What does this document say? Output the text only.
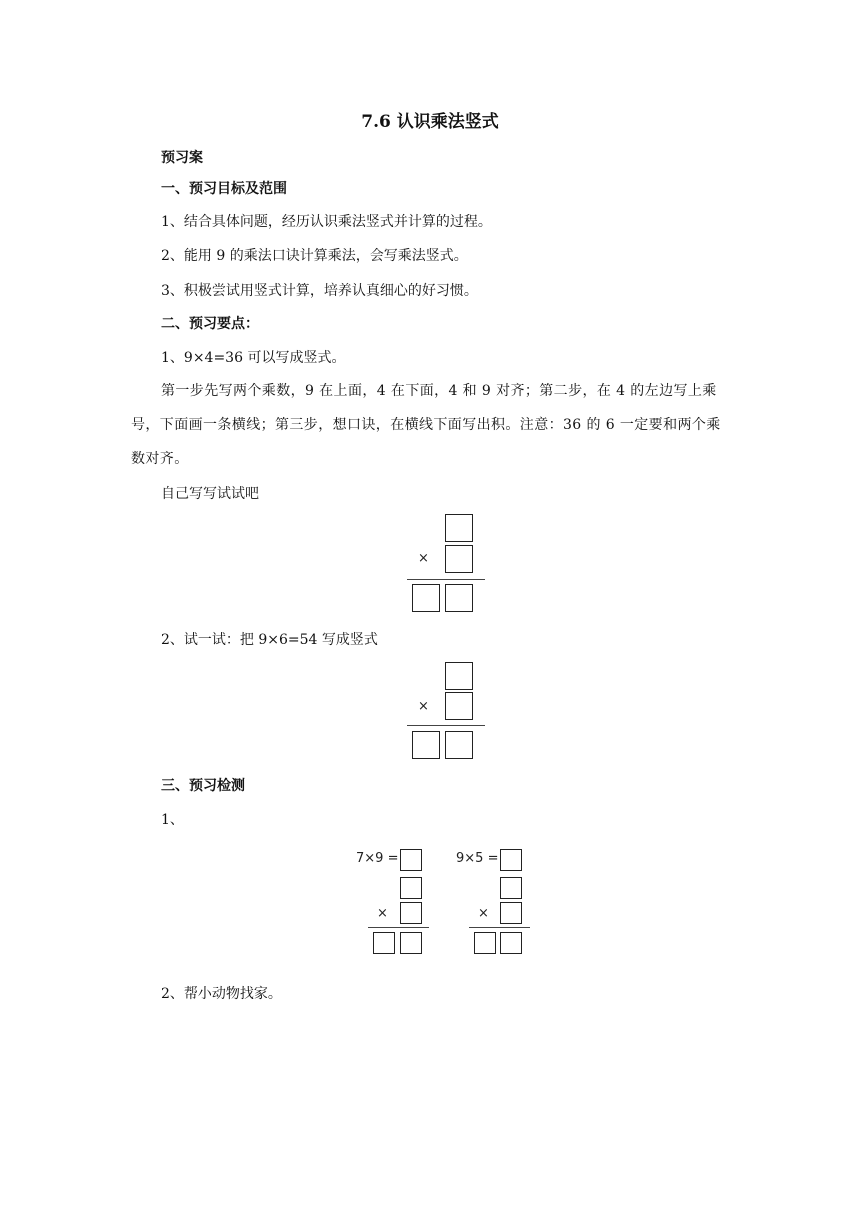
7.6 认识乘法竖式
预习案
一、预习目标及范围
1、结合具体问题，经历认识乘法竖式并计算的过程。
2、能用 9 的乘法口诀计算乘法，会写乘法竖式。
3、积极尝试用竖式计算，培养认真细心的好习惯。
二、预习要点：
1、9×4=36 可以写成竖式。
第一步先写两个乘数，9 在上面，4 在下面，4 和 9 对齐；第二步，在 4 的左边写上乘号，下面画一条横线；第三步，想口诀，在横线下面写出积。注意：36 的 6 一定要和两个乘数对齐。
自己写写试试吧
×
2、试一试：把 9×6=54 写成竖式
×
三、预习检测
1、
7×9 =
×
9×5 =
×
2、帮小动物找家。
